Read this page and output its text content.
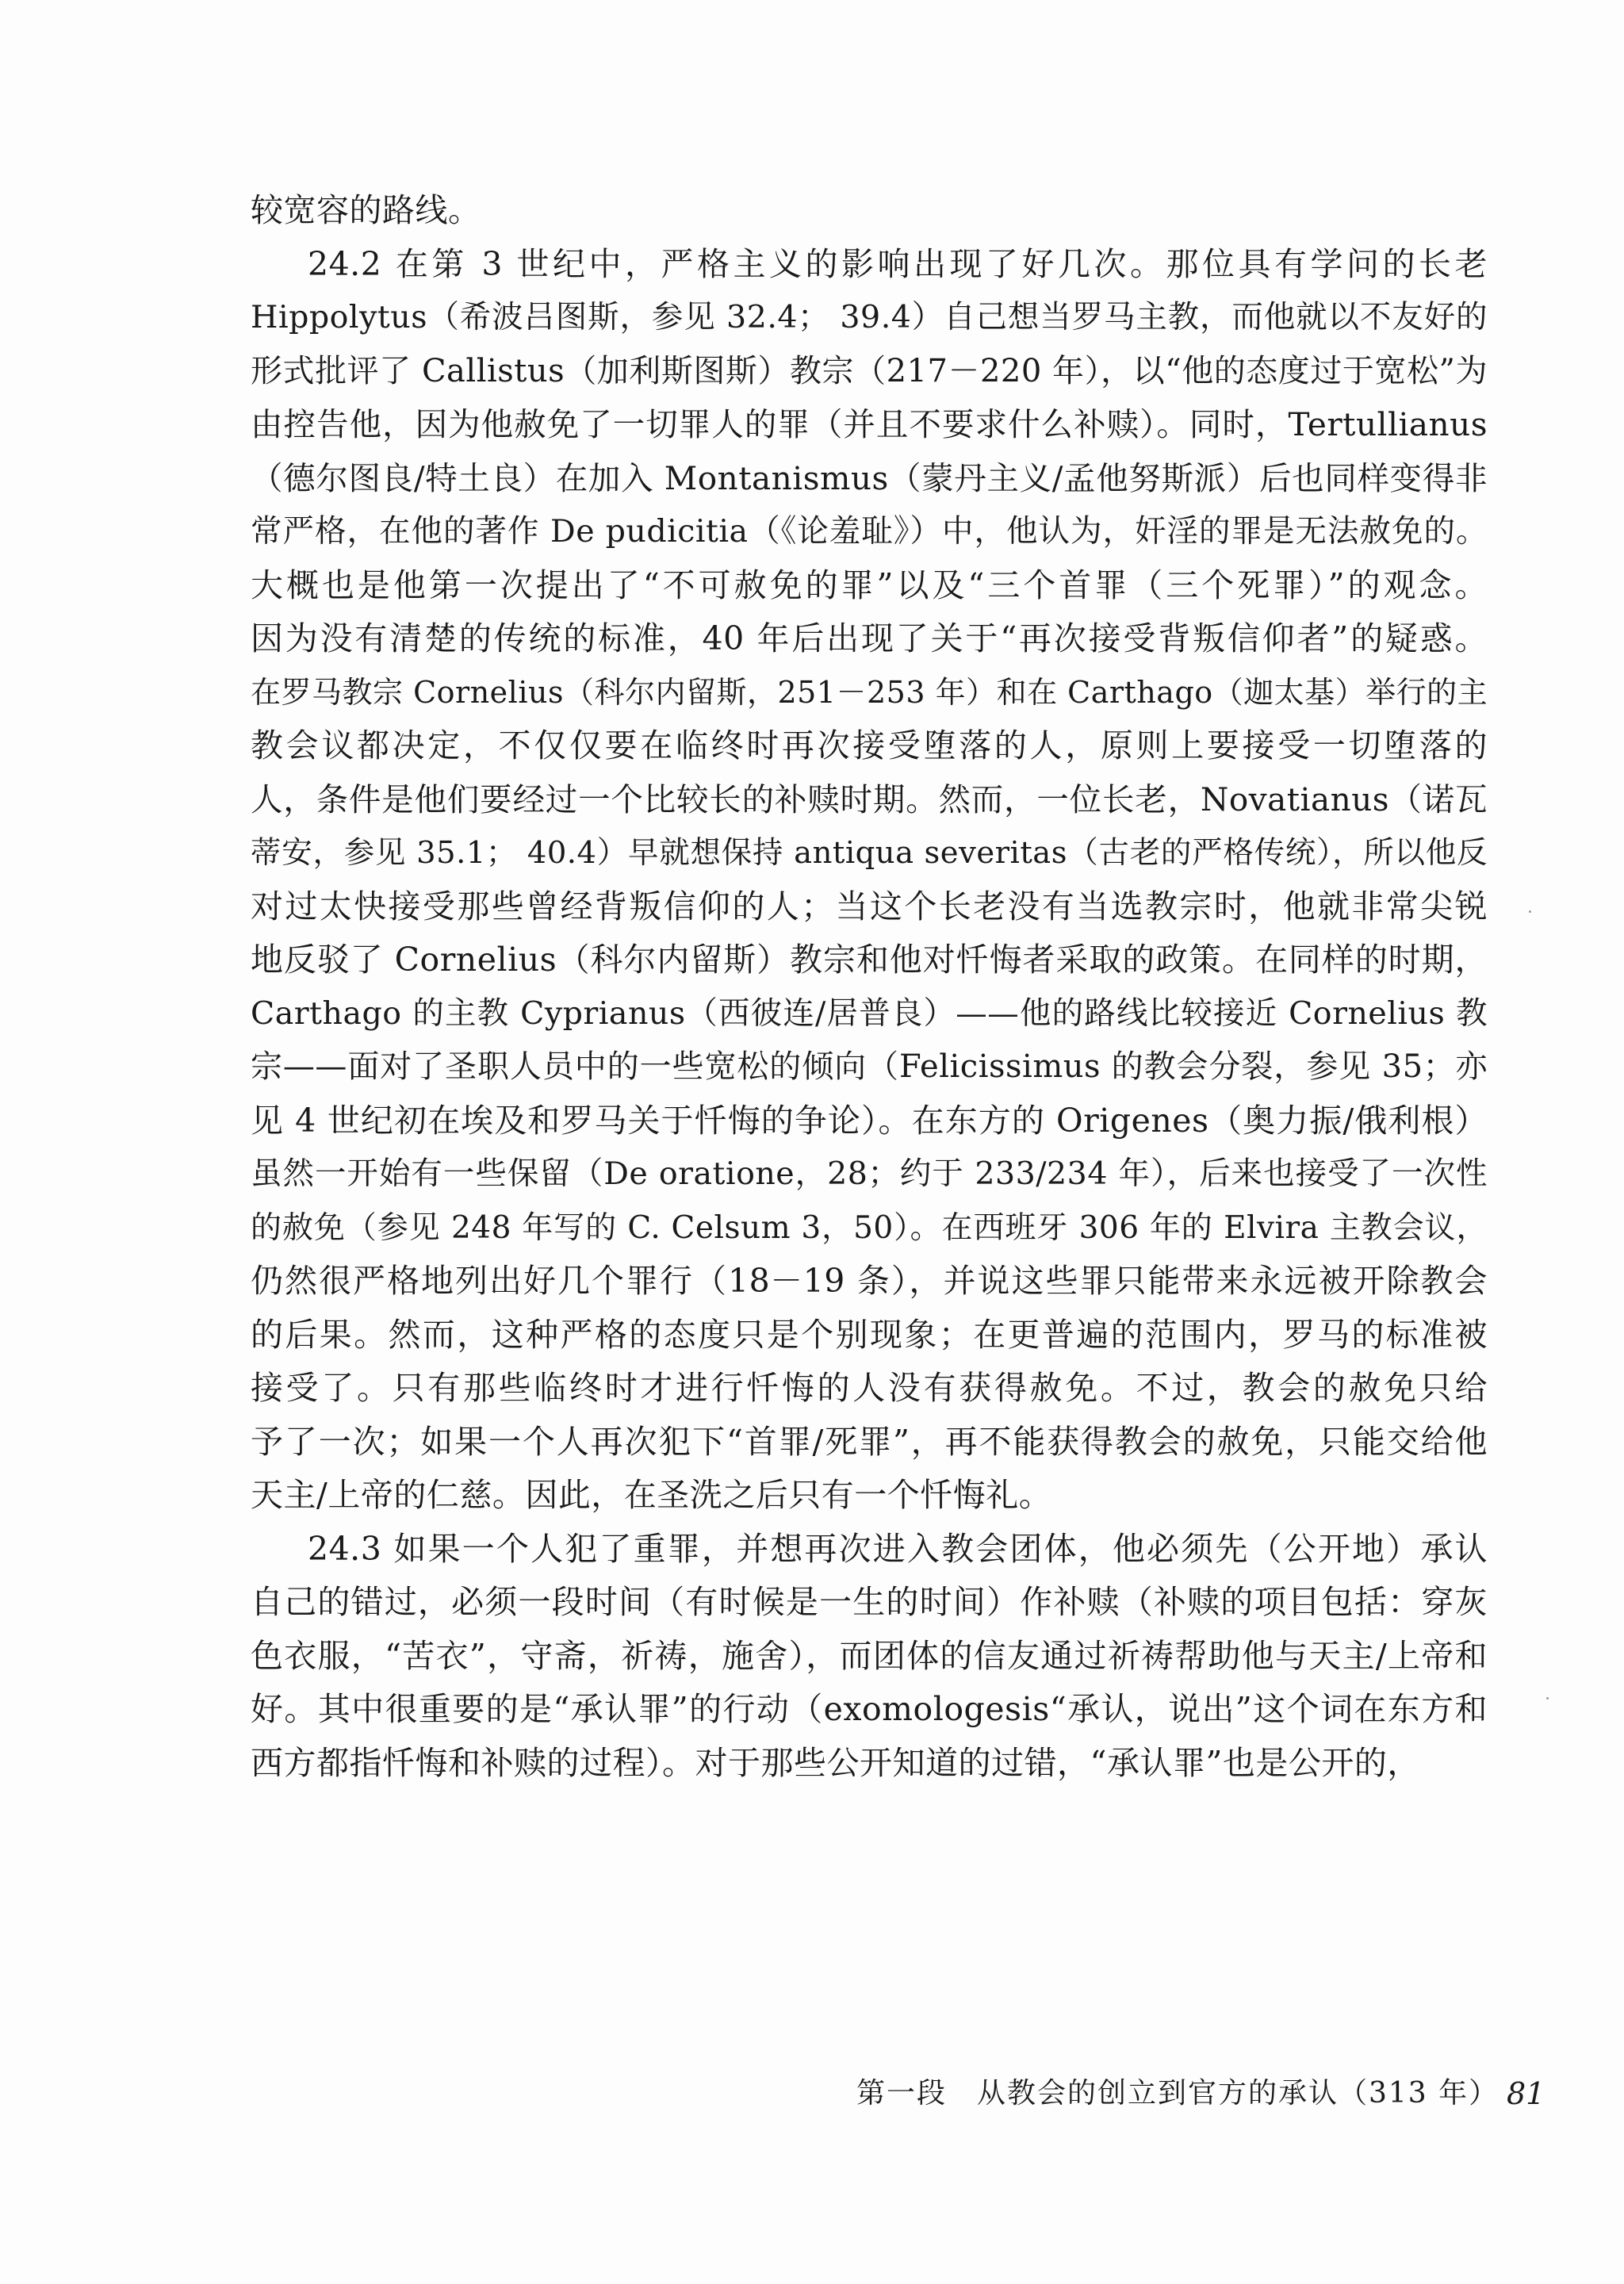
较宽容的路线。
24.2 在第 3 世纪中，严格主义的影响出现了好几次。那位具有学问的长老
Hippolytus（希波吕图斯，参见 32.4； 39.4）自己想当罗马主教，而他就以不友好的
形式批评了 Callistus（加利斯图斯）教宗（217－220 年），以“他的态度过于宽松”为
由控告他，因为他赦免了一切罪人的罪（并且不要求什么补赎）。同时，Tertullianus
（德尔图良/特土良）在加入 Montanismus（蒙丹主义/孟他努斯派）后也同样变得非
常严格，在他的著作 De pudicitia（《论羞耻》）中，他认为，奸淫的罪是无法赦免的。
大概也是他第一次提出了“不可赦免的罪”以及“三个首罪（三个死罪）”的观念。
因为没有清楚的传统的标准，40 年后出现了关于“再次接受背叛信仰者”的疑惑。
在罗马教宗 Cornelius（科尔内留斯，251－253 年）和在 Carthago（迦太基）举行的主
教会议都决定，不仅仅要在临终时再次接受堕落的人，原则上要接受一切堕落的
人，条件是他们要经过一个比较长的补赎时期。然而，一位长老，Novatianus（诺瓦
蒂安，参见 35.1； 40.4）早就想保持 antiqua severitas（古老的严格传统），所以他反
对过太快接受那些曾经背叛信仰的人；当这个长老没有当选教宗时，他就非常尖锐
地反驳了 Cornelius（科尔内留斯）教宗和他对忏悔者采取的政策。在同样的时期，
Carthago 的主教 Cyprianus（西彼连/居普良）——他的路线比较接近 Cornelius 教
宗——面对了圣职人员中的一些宽松的倾向（Felicissimus 的教会分裂，参见 35；亦
见 4 世纪初在埃及和罗马关于忏悔的争论）。在东方的 Origenes（奥力振/俄利根）
虽然一开始有一些保留（De oratione，28；约于 233/234 年），后来也接受了一次性
的赦免（参见 248 年写的 C. Celsum 3，50）。在西班牙 306 年的 Elvira 主教会议，
仍然很严格地列出好几个罪行（18－19 条），并说这些罪只能带来永远被开除教会
的后果。然而，这种严格的态度只是个别现象；在更普遍的范围内，罗马的标准被
接受了。只有那些临终时才进行忏悔的人没有获得赦免。不过，教会的赦免只给
予了一次；如果一个人再次犯下“首罪/死罪”，再不能获得教会的赦免，只能交给他
天主/上帝的仁慈。因此，在圣洗之后只有一个忏悔礼。
24.3 如果一个人犯了重罪，并想再次进入教会团体，他必须先（公开地）承认
自己的错过，必须一段时间（有时候是一生的时间）作补赎（补赎的项目包括：穿灰
色衣服，“苦衣”，守斋，祈祷，施舍），而团体的信友通过祈祷帮助他与天主/上帝和
好。其中很重要的是“承认罪”的行动（exomologesis“承认，说出”这个词在东方和
西方都指忏悔和补赎的过程）。对于那些公开知道的过错，“承认罪”也是公开的，
第一段　从教会的创立到官方的承认（313 年） 81
